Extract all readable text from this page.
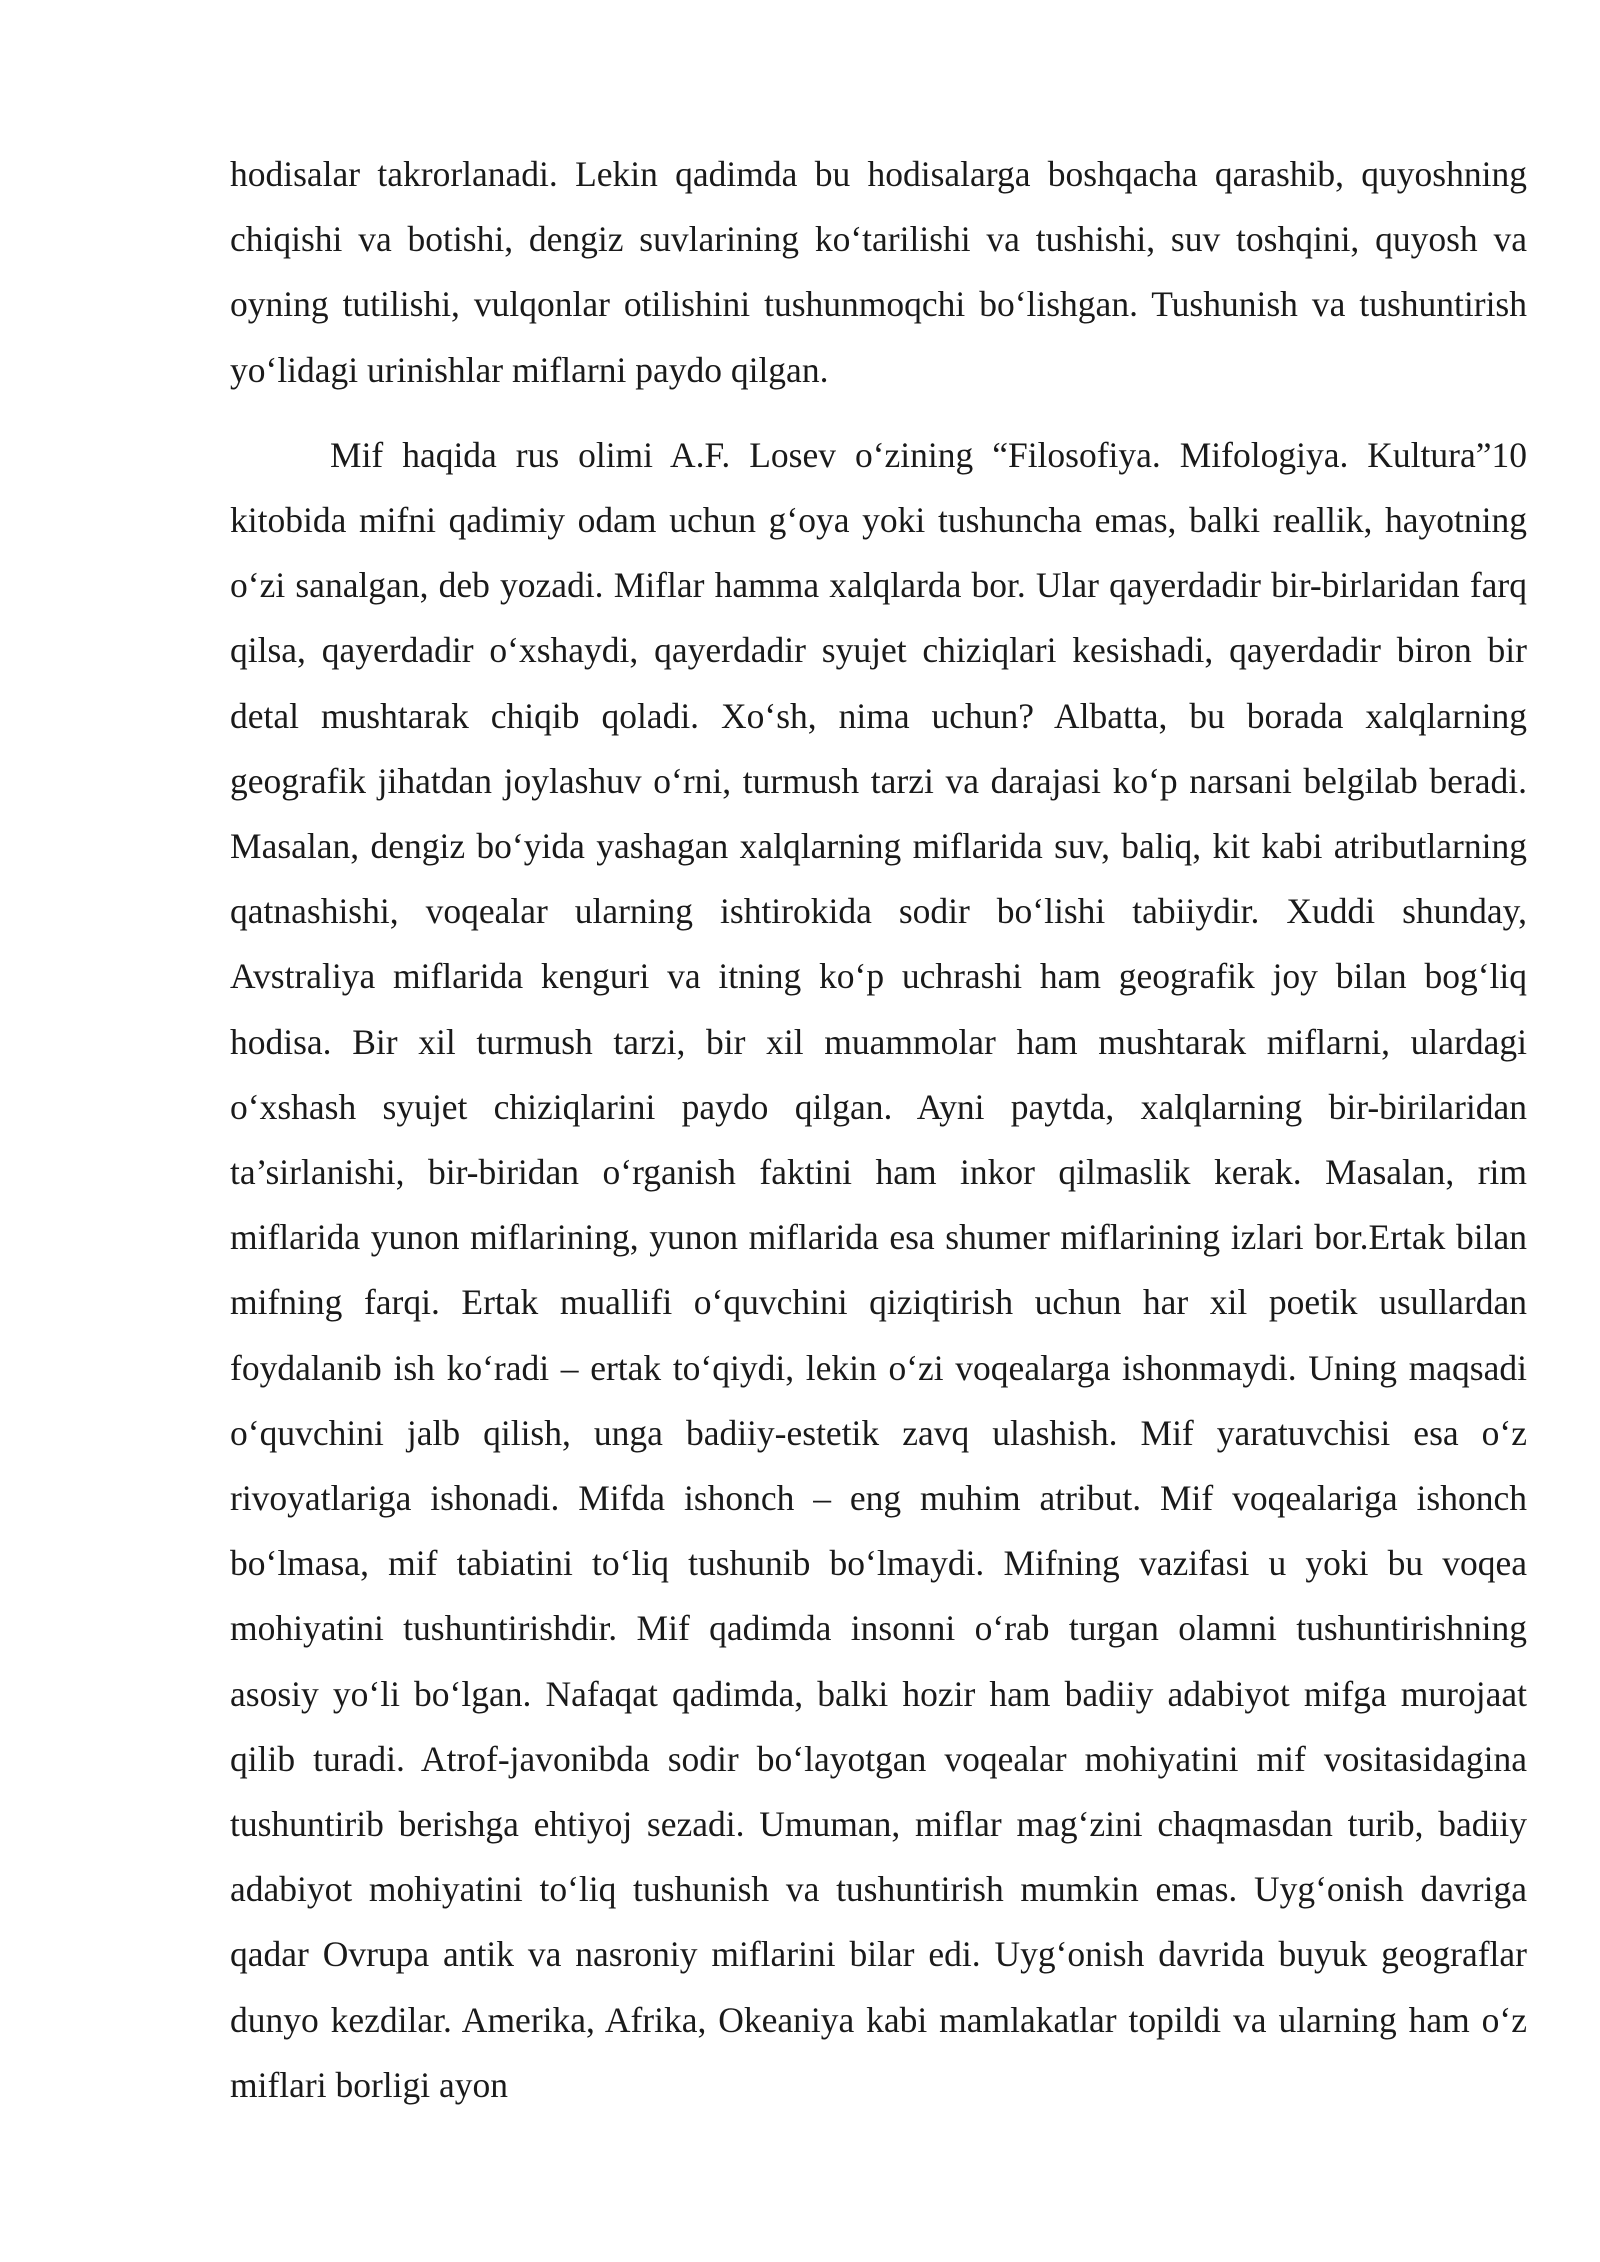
hodisalar takrorlanadi. Lekin qadimda bu hodisalarga boshqacha qarashib, quyoshning chiqishi va botishi, dengiz suvlarining ko‘tarilishi va tushishi, suv toshqini, quyosh va oyning tutilishi, vulqonlar otilishini tushunmoqchi bo‘lishgan. Tushunish va tushuntirish yo‘lidagi urinishlar miflarni paydo qilgan.

Mif haqida rus olimi A.F. Losev o‘zining “Filosofiya. Mifologiya. Kultura”10 kitobida mifni qadimiy odam uchun g‘oya yoki tushuncha emas, balki reallik, hayotning o‘zi sanalgan, deb yozadi. Miflar hamma xalqlarda bor. Ular qayerdadir bir-birlaridan farq qilsa, qayerdadir o‘xshaydi, qayerdadir syujet chiziqlari kesishadi, qayerdadir biron bir detal mushtarak chiqib qoladi. Xo‘sh, nima uchun? Albatta, bu borada xalqlarning geografik jihatdan joylashuv o‘rni, turmush tarzi va darajasi ko‘p narsani belgilab beradi. Masalan, dengiz bo‘yida yashagan xalqlarning miflarida suv, baliq, kit kabi atributlarning qatnashishi, voqealar ularning ishtirokida sodir bo‘lishi tabiiydir. Xuddi shunday, Avstraliya miflarida kenguri va itning ko‘p uchrashi ham geografik joy bilan bog‘liq hodisa. Bir xil turmush tarzi, bir xil muammolar ham mushtarak miflarni, ulardagi o‘xshash syujet chiziqlarini paydo qilgan. Ayni paytda, xalqlarning bir-birilaridan ta’sirlanishi, bir-biridan o‘rganish faktini ham inkor qilmaslik kerak. Masalan, rim miflarida yunon miflarining, yunon miflarida esa shumer miflarining izlari bor.Ertak bilan mifning farqi. Ertak muallifi o‘quvchini qiziqtirish uchun har xil poetik usullardan foydalanib ish ko‘radi – ertak to‘qiydi, lekin o‘zi voqealarga ishonmaydi. Uning maqsadi o‘quvchini jalb qilish, unga badiiy-estetik zavq ulashish. Mif yaratuvchisi esa o‘z rivoyatlariga ishonadi. Mifda ishonch – eng muhim atribut. Mif voqealariga ishonch bo‘lmasa, mif tabiatini to‘liq tushunib bo‘lmaydi. Mifning vazifasi u yoki bu voqea mohiyatini tushuntirishdir. Mif qadimda insonni o‘rab turgan olamni tushuntirishning asosiy yo‘li bo‘lgan. Nafaqat qadimda, balki hozir ham badiiy adabiyot mifga murojaat qilib turadi. Atrof-javonibda sodir bo‘layotgan voqealar mohiyatini mif vositasidagina tushuntirib berishga ehtiyoj sezadi. Umuman, miflar mag‘zini chaqmasdan turib, badiiy adabiyot mohiyatini to‘liq tushunish va tushuntirish mumkin emas. Uyg‘onish davriga qadar Ovrupa antik va nasroniy miflarini bilar edi. Uyg‘onish davrida buyuk geograflar dunyo kezdilar. Amerika, Afrika, Okeaniya kabi mamlakatlar topildi va ularning ham o‘z miflari borligi ayon
